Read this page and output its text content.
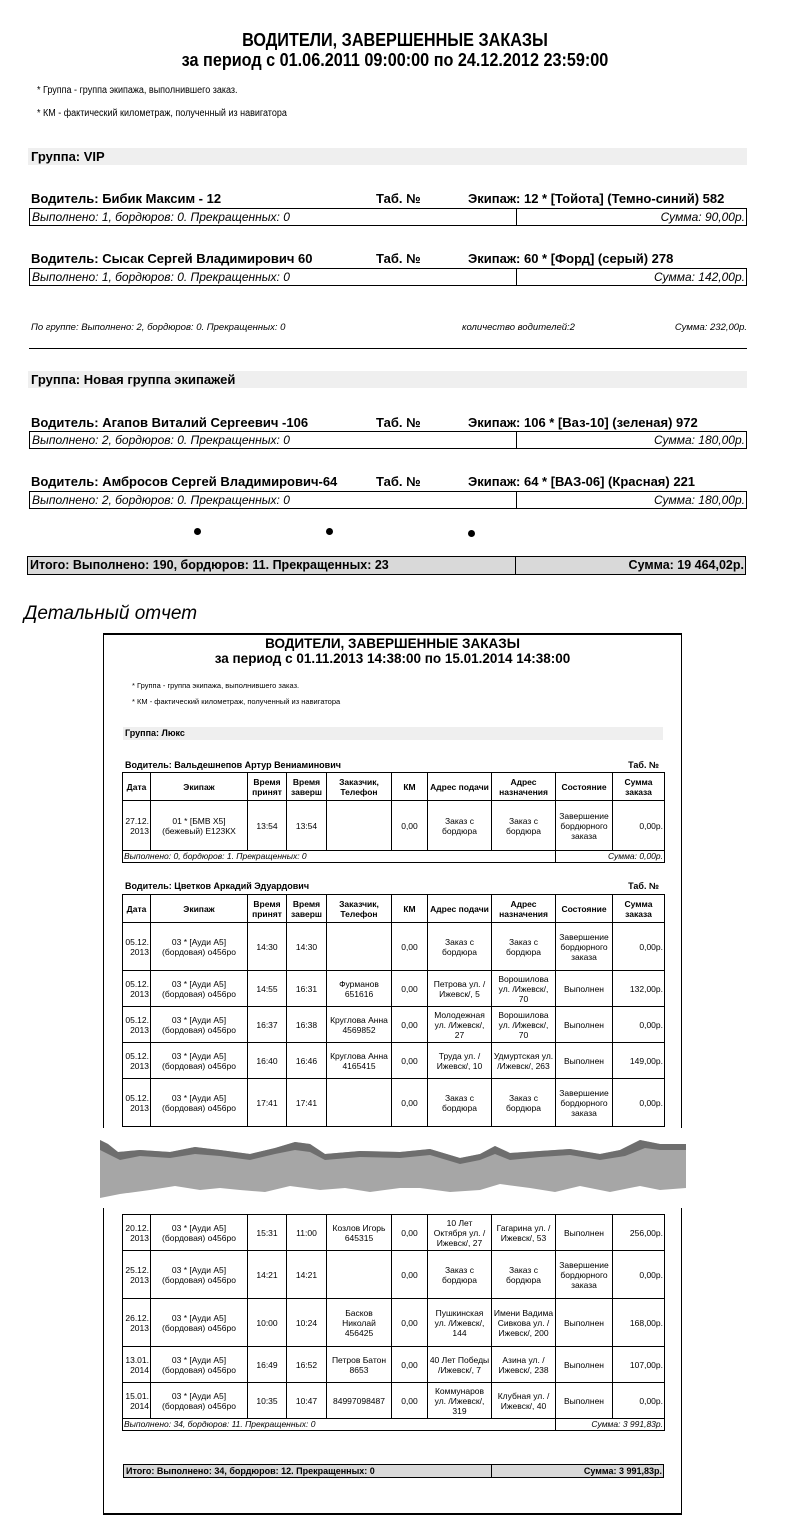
ВОДИТЕЛИ, ЗАВЕРШЕННЫЕ ЗАКАЗЫ
за период с 01.06.2011 09:00:00 по 24.12.2012 23:59:00
* Группа - группа экипажа, выполнившего заказ.
* КМ - фактический километраж, полученный из навигатора
Группа: VIP
Водитель: Бибик Максим - 12	Таб. №	Экипаж: 12 * [Тойота] (Темно-синий) 582
Выполнено: 1, бордюров: 0. Прекращенных: 0	Сумма: 90,00р.
Водитель: Сысак Сергей Владимирович 60	Таб. №	Экипаж: 60 * [Форд] (серый) 278
Выполнено: 1, бордюров: 0. Прекращенных: 0	Сумма: 142,00р.
По группе: Выполнено: 2, бордюров: 0. Прекращенных: 0	количество водителей:2	Сумма: 232,00р.
Группа: Новая группа экипажей
Водитель: Агапов Виталий Сергеевич -106	Таб. №	Экипаж: 106 * [Ваз-10] (зеленая) 972
Выполнено: 2, бордюров: 0. Прекращенных: 0	Сумма: 180,00р.
Водитель: Амбросов Сергей Владимирович-64	Таб. №	Экипаж: 64 * [ВАЗ-06] (Красная) 221
Выполнено: 2, бордюров: 0. Прекращенных: 0	Сумма: 180,00р.
Итого: Выполнено: 190, бордюров: 11. Прекращенных: 23	Сумма: 19 464,02р.
Детальный отчет
ВОДИТЕЛИ, ЗАВЕРШЕННЫЕ ЗАКАЗЫ
за период с 01.11.2013 14:38:00 по 15.01.2014 14:38:00
* Группа - группа экипажа, выполнившего заказ.
* КМ - фактический километраж, полученный из навигатора
Группа: Люкс
Водитель: Вальдешнепов Артур Вениаминович	Таб. №
Дата	Экипаж	Время принят	Время заверш	Заказчик, Телефон	КМ	Адрес подачи	Адрес назначения	Состояние	Сумма заказа
27.12. 2013	01 * [БМВ Х5] (бежевый) Е123КХ	13:54	13:54		0,00	Заказ с бордюра	Заказ с бордюра	Завершение бордюрного заказа	0,00р.
Выполнено: 0, бордюров: 1. Прекращенных: 0								Сумма: 0,00р.	
Водитель: Цветков Аркадий Эдуардович	Таб. №
Дата	Экипаж	Время принят	Время заверш	Заказчик, Телефон	КМ	Адрес подачи	Адрес назначения	Состояние	Сумма заказа
05.12. 2013	03 * [Ауди А5] (бордовая) о456ро	14:30	14:30		0,00	Заказ с бордюра	Заказ с бордюра	Завершение бордюрного заказа	0,00р.
05.12. 2013	03 * [Ауди А5] (бордовая) о456ро	14:55	16:31	Фурманов 651616	0,00	Петрова ул. /Ижевск/, 5	Ворошилова ул. /Ижевск/, 70	Выполнен	132,00р.
05.12. 2013	03 * [Ауди А5] (бордовая) о456ро	16:37	16:38	Круглова Анна 4569852	0,00	Молодежная ул. /Ижевск/, 27	Ворошилова ул. /Ижевск/, 70	Выполнен	0,00р.
05.12. 2013	03 * [Ауди А5] (бордовая) о456ро	16:40	16:46	Круглова Анна 4165415	0,00	Труда ул. /Ижевск/, 10	Удмуртская ул. /Ижевск/, 263	Выполнен	149,00р.
05.12. 2013	03 * [Ауди А5] (бордовая) о456ро	17:41	17:41		0,00	Заказ с бордюра	Заказ с бордюра	Завершение бордюрного заказа	0,00р.
20.12. 2013	03 * [Ауди А5] (бордовая) о456ро	15:31	11:00	Козлов Игорь 645315	0,00	10 Лет Октября ул. /Ижевск/, 27	Гагарина ул. /Ижевск/, 53	Выполнен	256,00р.
25.12. 2013	03 * [Ауди А5] (бордовая) о456ро	14:21	14:21		0,00	Заказ с бордюра	Заказ с бордюра	Завершение бордюрного заказа	0,00р.
26.12. 2013	03 * [Ауди А5] (бордовая) о456ро	10:00	10:24	Басков Николай 456425	0,00	Пушкинская ул. /Ижевск/, 144	Имени Вадима Сивкова ул. /Ижевск/, 200	Выполнен	168,00р.
13.01. 2014	03 * [Ауди А5] (бордовая) о456ро	16:49	16:52	Петров Батон 8653	0,00	40 Лет Победы /Ижевск/, 7	Азина ул. /Ижевск/, 238	Выполнен	107,00р.
15.01. 2014	03 * [Ауди А5] (бордовая) о456ро	10:35	10:47	84997098487	0,00	Коммунаров ул. /Ижевск/, 319	Клубная ул. /Ижевск/, 40	Выполнен	0,00р.
Выполнено: 34, бордюров: 11. Прекращенных: 0								Сумма: 3 991,83р.	
Итого: Выполнено: 34, бордюров: 12. Прекращенных: 0	Сумма: 3 991,83р.
